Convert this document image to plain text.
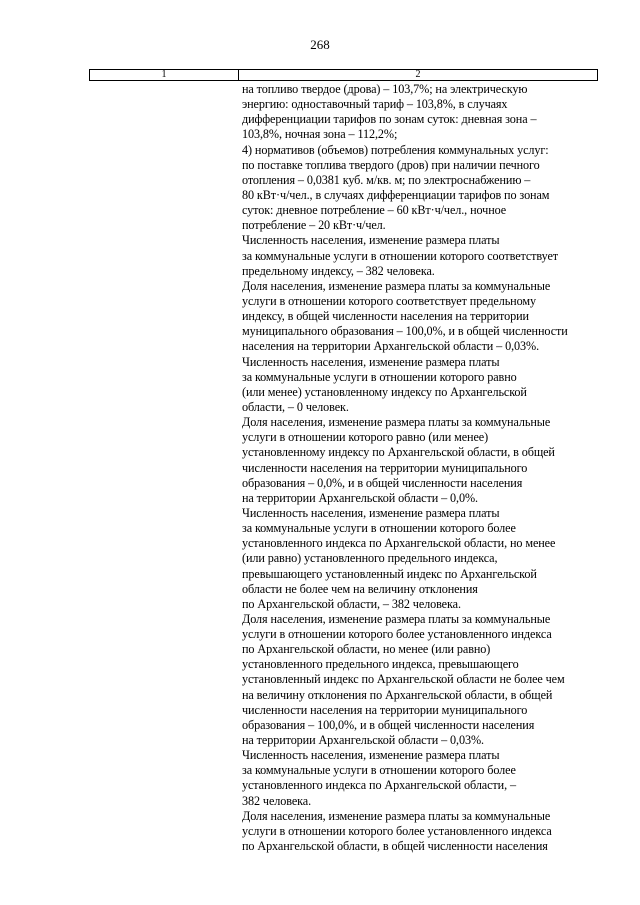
268
1	2
на топливо твердое (дрова) – 103,7%; на электрическую
энергию: одноставочный тариф – 103,8%, в случаях
дифференциации тарифов по зонам суток: дневная зона –
103,8%, ночная зона – 112,2%;
4) нормативов (объемов) потребления коммунальных услуг:
по поставке топлива твердого (дров) при наличии печного
отопления – 0,0381 куб. м/кв. м; по электроснабжению –
80 кВт·ч/чел., в случаях дифференциации тарифов по зонам
суток: дневное потребление – 60 кВт·ч/чел., ночное
потребление – 20 кВт·ч/чел.
Численность населения, изменение размера платы
за коммунальные услуги в отношении которого соответствует
предельному индексу, – 382 человека.
Доля населения, изменение размера платы за коммунальные
услуги в отношении которого соответствует предельному
индексу, в общей численности населения на территории
муниципального образования – 100,0%, и в общей численности
населения на территории Архангельской области – 0,03%.
Численность населения, изменение размера платы
за коммунальные услуги в отношении которого равно
(или менее) установленному индексу по Архангельской
области, – 0 человек.
Доля населения, изменение размера платы за коммунальные
услуги в отношении которого равно (или менее)
установленному индексу по Архангельской области, в общей
численности населения на территории муниципального
образования – 0,0%, и в общей численности населения
на территории Архангельской области – 0,0%.
Численность населения, изменение размера платы
за коммунальные услуги в отношении которого более
установленного индекса по Архангельской области, но менее
(или равно) установленного предельного индекса,
превышающего установленный индекс по Архангельской
области не более чем на величину отклонения
по Архангельской области, – 382 человека.
Доля населения, изменение размера платы за коммунальные
услуги в отношении которого более установленного индекса
по Архангельской области, но менее (или равно)
установленного предельного индекса, превышающего
установленный индекс по Архангельской области не более чем
на величину отклонения по Архангельской области, в общей
численности населения на территории муниципального
образования – 100,0%, и в общей численности населения
на территории Архангельской области – 0,03%.
Численность населения, изменение размера платы
за коммунальные услуги в отношении которого более
установленного индекса по Архангельской области, –
382 человека.
Доля населения, изменение размера платы за коммунальные
услуги в отношении которого более установленного индекса
по Архангельской области, в общей численности населения
